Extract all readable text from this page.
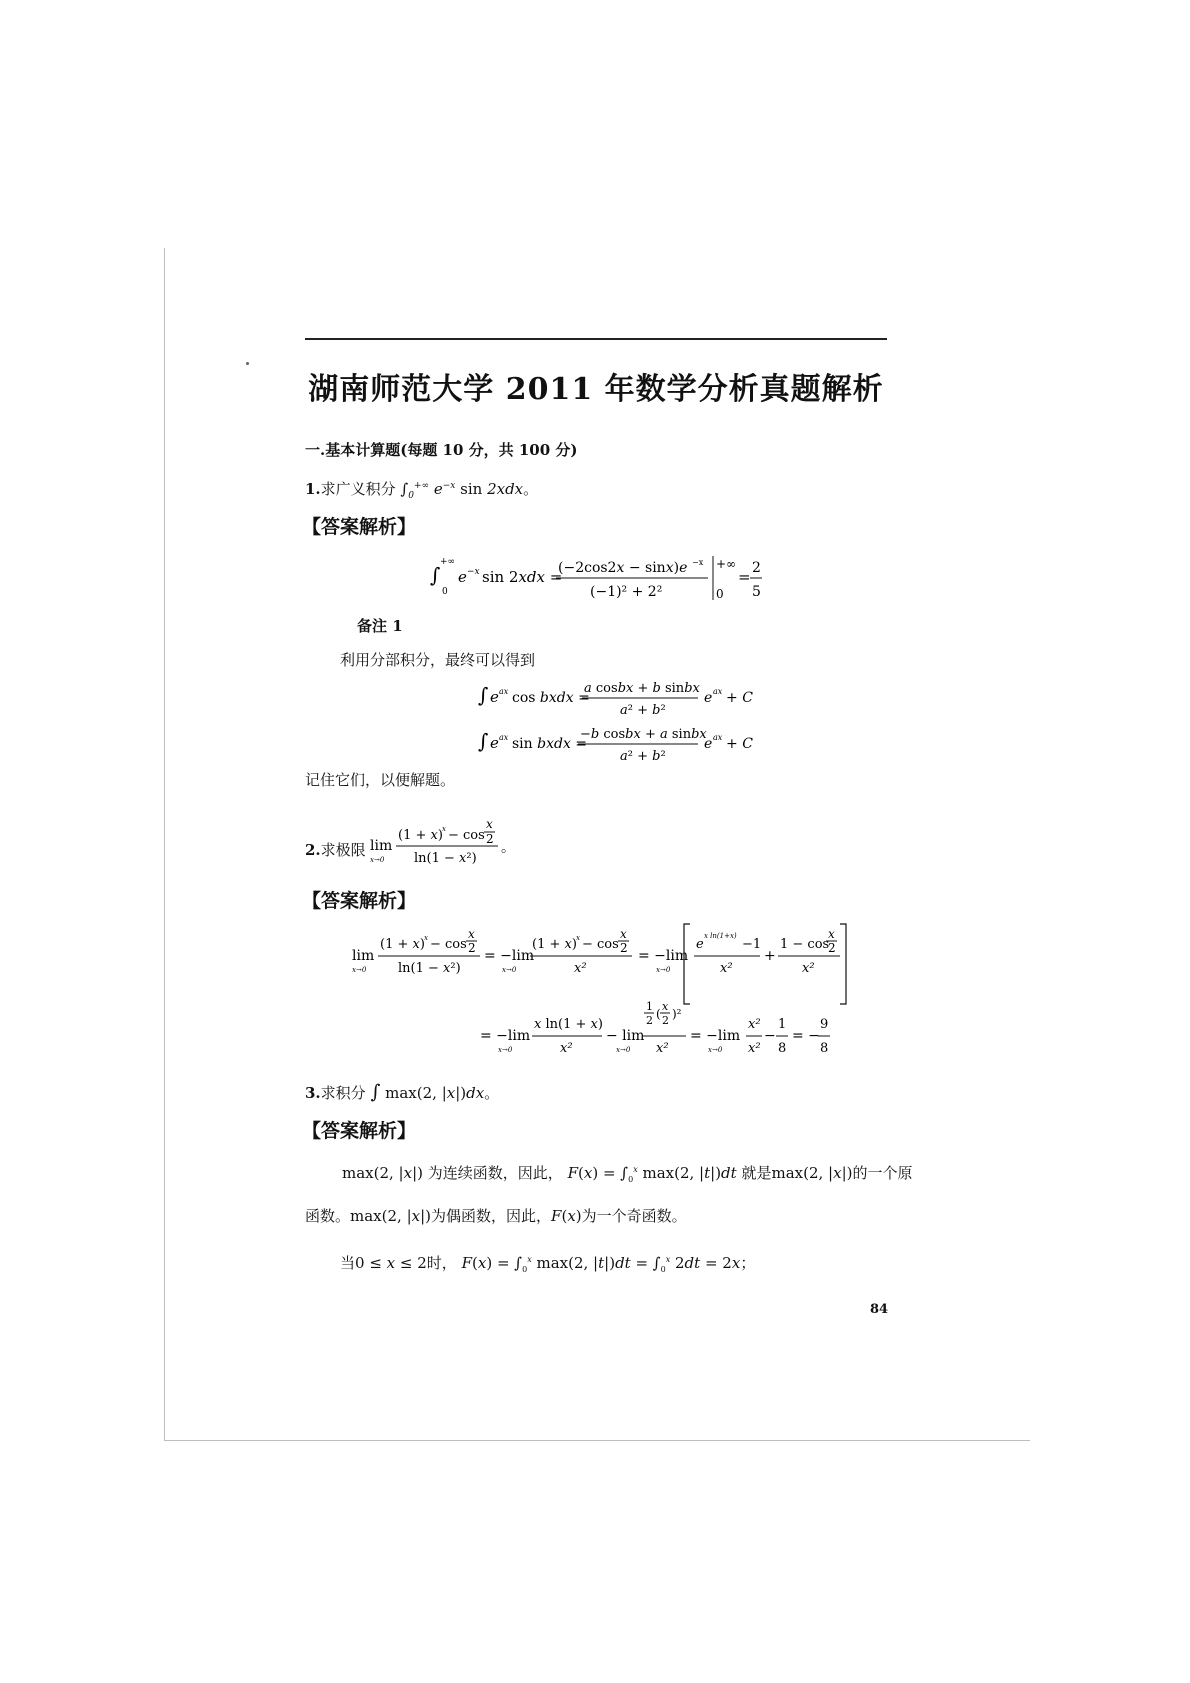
湖南师范大学 2011 年数学分析真题解析
一.基本计算题(每题 10 分，共 100 分)
1.求广义积分 $\int_0^{+\infty}$ $e^{-x}$ sin 2xdx。
【答案解析】
∫
+∞
0
e −x sin 2xdx =
(−2cos2x − sinx)e −x
(−1)² + 2²
+∞
0
= 2
5
备注 1
利用分部积分，最终可以得到
∫ e ax cos bxdx =
a cosbx + b sinbx
a² + b²
e ax + C
∫ e ax sin bxdx =
−b cosbx + a sinbx
a² + b²
e ax + C
记住它们，以便解题。
2.求极限 lim
x→0
(1 + x) x − cos
x
2
ln(1 − x²)
。
【答案解析】
lim
x→0
(1 + x) x − cos
x
2
ln(1 − x²)
= −lim
x→0
(1 + x) x − cos
x
2
x²
= −lim
x→0
e
x ln(1+x)
−1
x²
+
1 − cos
x
2
x²
= −lim
x→0
x ln(1 + x)
x²
− lim
x→0
1
2 (
x
2 )²
x²
= −lim
x→0
x²
x²
−
1
8
= −
9
8
3.求积分 ∫ max(2, |x|)dx。
【答案解析】
max(2, |x|) 为连续函数，因此， $F(x) = \int_0^x$ max(2, |t|)dt 就是max(2, |x|)的一个原
函数。max(2, |x|)为偶函数，因此，F(x)为一个奇函数。
当0 ≤ x ≤ 2时， $F(x) = \int_0^x$ max(2, $|t|)dt = \int_0^x$ 2dt = 2x；
84
